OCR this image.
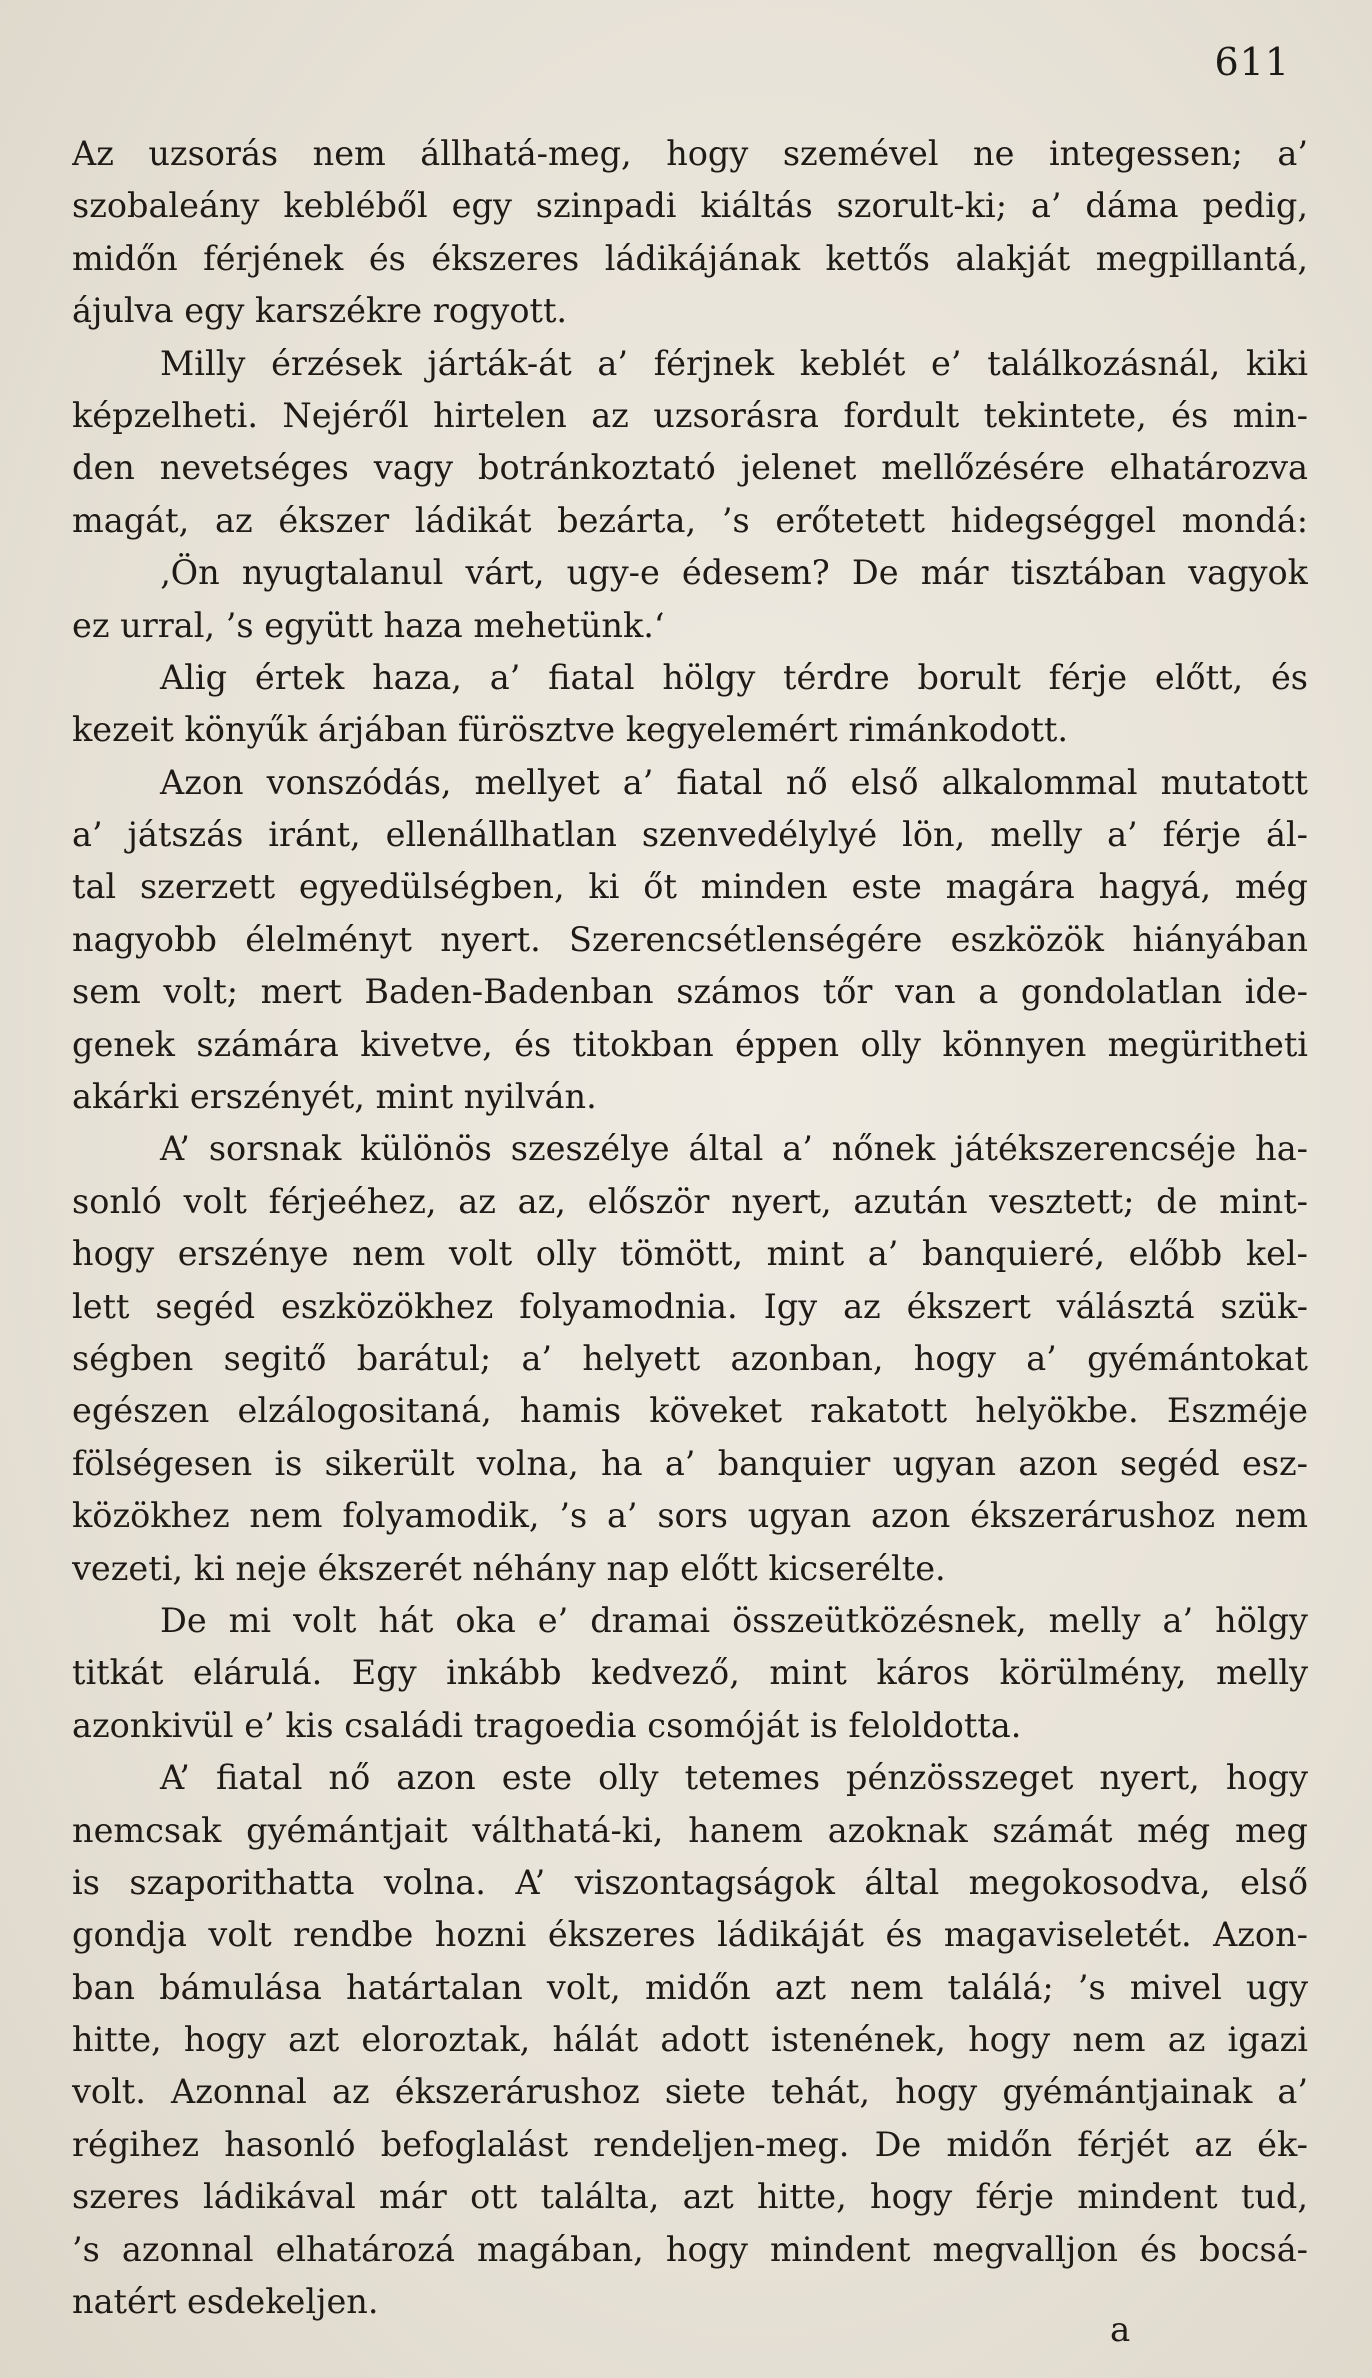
611
Az uzsorás nem állhatá-meg, hogy szemével ne integessen; a’
szobaleány kebléből egy szinpadi kiáltás szorult-ki; a’ dáma pedig,
midőn férjének és ékszeres ládikájának kettős alakját megpillantá,
ájulva egy karszékre rogyott.
Milly érzések járták-át a’ férjnek keblét e’ találkozásnál, kiki
képzelheti. Nejéről hirtelen az uzsorásra fordult tekintete, és min-
den nevetséges vagy botránkoztató jelenet mellőzésére elhatározva
magát, az ékszer ládikát bezárta, ’s erőtetett hidegséggel mondá:
‚Ön nyugtalanul várt, ugy-e édesem? De már tisztában vagyok
ez urral, ’s együtt haza mehetünk.‘
Alig értek haza, a’ fiatal hölgy térdre borult férje előtt, és
kezeit könyűk árjában fürösztve kegyelemért rimánkodott.
Azon vonszódás, mellyet a’ fiatal nő első alkalommal mutatott
a’ játszás iránt, ellenállhatlan szenvedélylyé lön, melly a’ férje ál-
tal szerzett egyedülségben, ki őt minden este magára hagyá, még
nagyobb élelményt nyert. Szerencsétlenségére eszközök hiányában
sem volt; mert Baden-Badenban számos tőr van a gondolatlan ide-
genek számára kivetve, és titokban éppen olly könnyen megüritheti
akárki erszényét, mint nyilván.
A’ sorsnak különös szeszélye által a’ nőnek játékszerencséje ha-
sonló volt férjeéhez, az az, először nyert, azután vesztett; de mint-
hogy erszénye nem volt olly tömött, mint a’ banquieré, előbb kel-
lett segéd eszközökhez folyamodnia. Igy az ékszert válásztá szük-
ségben segitő barátul; a’ helyett azonban, hogy a’ gyémántokat
egészen elzálogositaná, hamis köveket rakatott helyökbe. Eszméje
fölségesen is sikerült volna, ha a’ banquier ugyan azon segéd esz-
közökhez nem folyamodik, ’s a’ sors ugyan azon ékszerárushoz nem
vezeti, ki neje ékszerét néhány nap előtt kicserélte.
De mi volt hát oka e’ dramai összeütközésnek, melly a’ hölgy
titkát elárulá. Egy inkább kedvező, mint káros körülmény, melly
azonkivül e’ kis családi tragoedia csomóját is feloldotta.
A’ fiatal nő azon este olly tetemes pénzösszeget nyert, hogy
nemcsak gyémántjait válthatá-ki, hanem azoknak számát még meg
is szaporithatta volna. A’ viszontagságok által megokosodva, első
gondja volt rendbe hozni ékszeres ládikáját és magaviseletét. Azon-
ban bámulása határtalan volt, midőn azt nem találá; ’s mivel ugy
hitte, hogy azt eloroztak, hálát adott istenének, hogy nem az igazi
volt. Azonnal az ékszerárushoz siete tehát, hogy gyémántjainak a’
régihez hasonló befoglalást rendeljen-meg. De midőn férjét az ék-
szeres ládikával már ott találta, azt hitte, hogy férje mindent tud,
’s azonnal elhatározá magában, hogy mindent megvalljon és bocsá-
natért esdekeljen.
a
